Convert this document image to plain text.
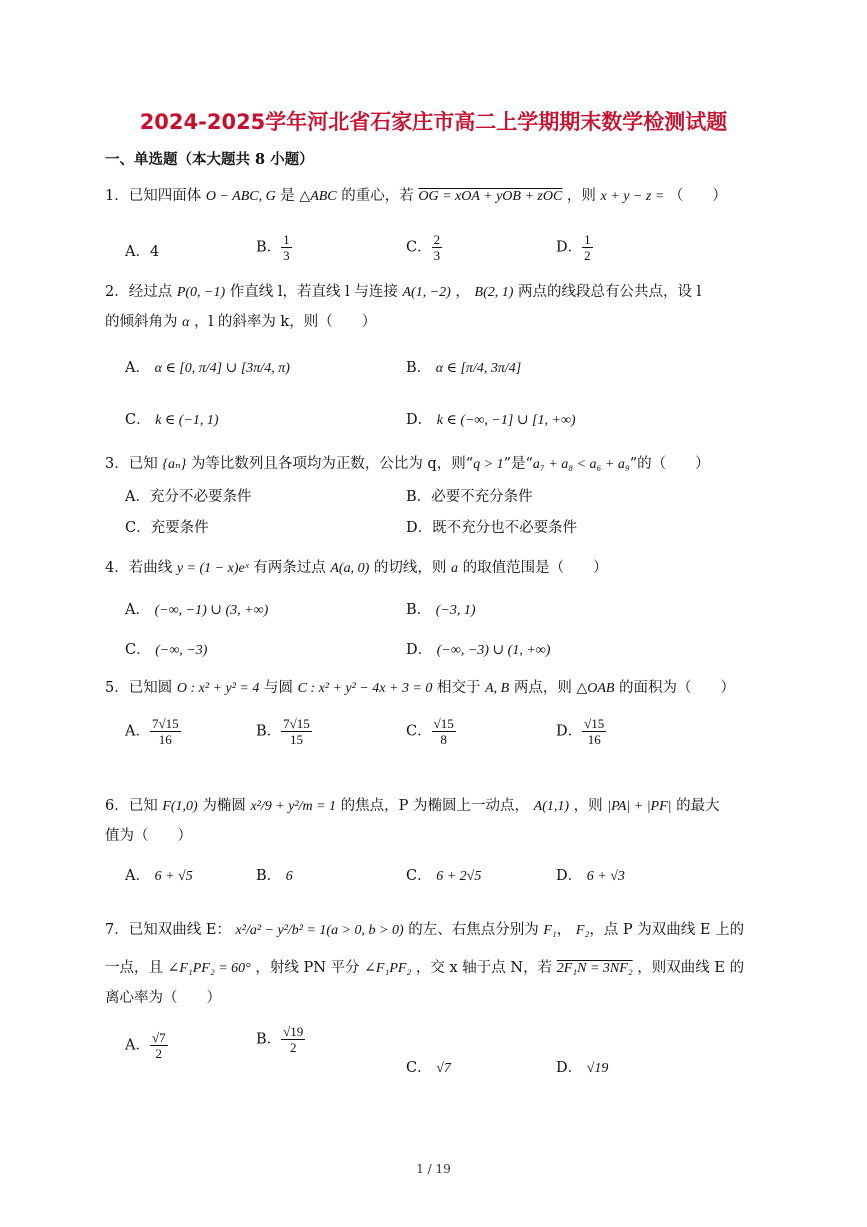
2024-2025学年河北省石家庄市高二上学期期末数学检测试题
一、单选题（本大题共 8 小题）
1．已知四面体 O − ABC, G 是 △ABC 的重心，若 OG = xOA + yOB + zOC ，则 x + y − z = （　　）
A．4	B． $\frac{1}{3}$	C． $\frac{2}{3}$	D． $\frac{1}{2}$
2．经过点 P(0, −1) 作直线 l，若直线 l 与连接 A(1, −2) ， B(2, 1) 两点的线段总有公共点，设 l
的倾斜角为 α ，l 的斜率为 k，则（　　）
A． α ∈ [0, π/4] ∪ [3π/4, π)	B． α ∈ [π/4, 3π/4]
C． k ∈ (−1, 1)	D． k ∈ (−∞, −1] ∪ [1, +∞)
3．已知 {aₙ} 为等比数列且各项均为正数，公比为 q，则“q > 1”是“a₇ + a₈ < a₆ + a₉”的（　　）
A．充分不必要条件	B．必要不充分条件
C．充要条件	D．既不充分也不必要条件
4．若曲线 y = (1 − x)eˣ 有两条过点 A(a, 0) 的切线，则 a 的取值范围是（　　）
A． (−∞, −1) ∪ (3, +∞)	B． (−3, 1)
C． (−∞, −3)	D． (−∞, −3) ∪ (1, +∞)
5．已知圆 O : x² + y² = 4 与圆 C : x² + y² − 4x + 3 = 0 相交于 A, B 两点，则 △OAB 的面积为（　　）
A． $\frac{7√15}{16}$	B． $\frac{7√15}{15}$	C． $\frac{√15}{8}$	D． $\frac{√15}{16}$
6．已知 F(1,0) 为椭圆 x²/9 + y²/m = 1 的焦点，P 为椭圆上一动点， A(1,1) ，则 |PA| + |PF| 的最大
值为（　　）
A． 6 + √5	B． 6	C． 6 + 2√5	D． 6 + √3
7．已知双曲线 E： x²/a² − y²/b² = 1(a > 0, b > 0) 的左、右焦点分别为 F₁， F₂，点 P 为双曲线 E 上的
一点，且 ∠F₁PF₂ = 60° ，射线 PN 平分 ∠F₁PF₂ ，交 x 轴于点 N，若 2F₁N = 3NF₂ ，则双曲线 E 的
离心率为（　　）
A． $\frac{√7}{2}$	B． $\frac{√19}{2}$
C． √7	D． √19
1 / 19
